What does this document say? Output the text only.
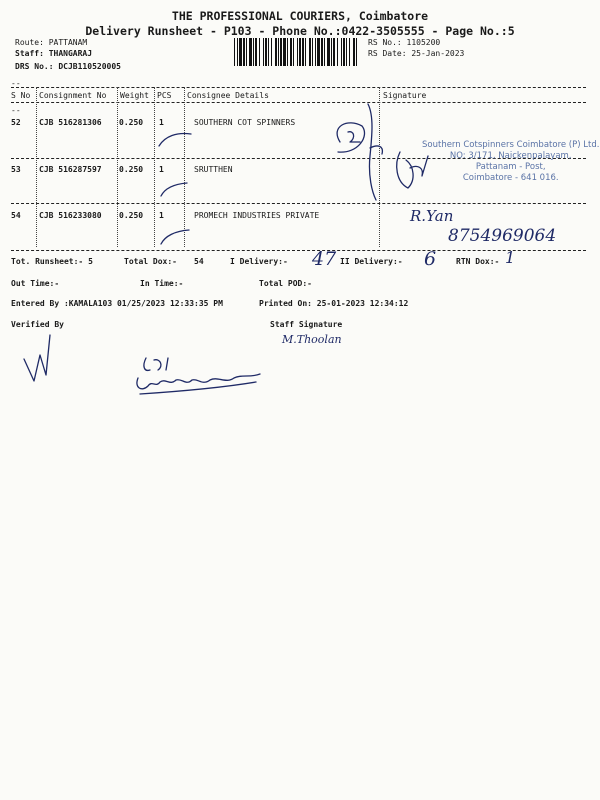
THE PROFESSIONAL COURIERS, Coimbatore
Delivery Runsheet - P103 - Phone No.:0422-3505555 - Page No.:5
Route: PATTANAM
Staff: THANGARAJ
DRS No.: DCJB110520005
RS No.: 1105200
RS Date: 25-Jan-2023
--
S No Consignment No Weight PCS Consignee Details	Signature
--
52 CJB 516281306 0.250 1	SOUTHERN COT SPINNERS
53 CJB 516287597 0.250 1	SRUTTHEN
54 CJB 516233080 0.250 1	PROMECH INDUSTRIES PRIVATE
Southern Cotspinners Coimbatore (P) Ltd.
NO: 3/171, Naickenpalayam,
Pattanam - Post,
Coimbatore - 641 016.
R.Yan
8754969064
Tot. Runsheet:- 5	Total Dox:- 54	I Delivery:- 47 II Delivery:- 6 RTN Dox:- 1
Out Time:-	In Time:-	Total POD:-
Entered By :KAMALA103 01/25/2023 12:33:35 PM	Printed On: 25-01-2023 12:34:12
Verified By	Staff Signature
M.Thoolan
